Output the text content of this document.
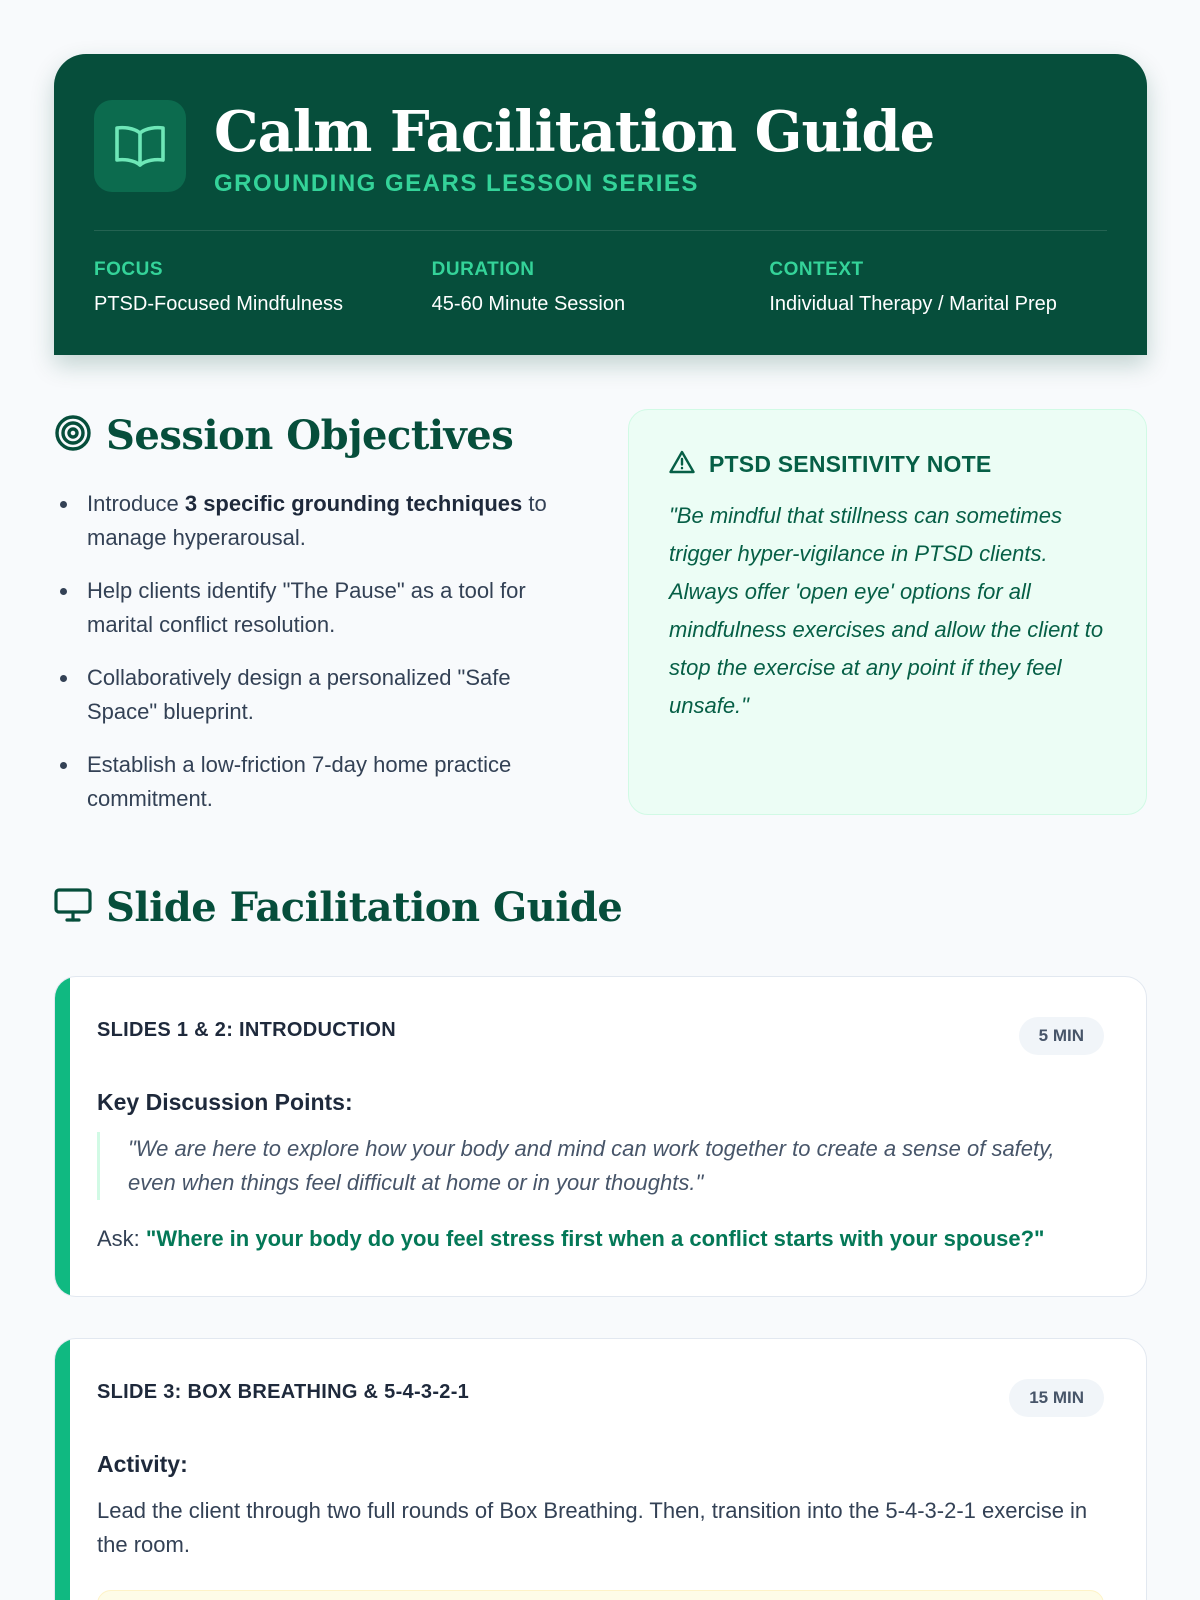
Calm Facilitation Guide
GROUNDING GEARS LESSON SERIES
FOCUS
PTSD-Focused Mindfulness
DURATION
45-60 Minute Session
CONTEXT
Individual Therapy / Marital Prep
Session Objectives
Introduce 3 specific grounding techniques to manage hyperarousal.
Help clients identify "The Pause" as a tool for marital conflict resolution.
Collaboratively design a personalized "Safe Space" blueprint.
Establish a low-friction 7-day home practice commitment.
PTSD SENSITIVITY NOTE
"Be mindful that stillness can sometimes trigger hyper-vigilance in PTSD clients. Always offer 'open eye' options for all mindfulness exercises and allow the client to stop the exercise at any point if they feel unsafe."
Slide Facilitation Guide
SLIDES 1 & 2: INTRODUCTION	5 MIN
Key Discussion Points:
"We are here to explore how your body and mind can work together to create a sense of safety, even when things feel difficult at home or in your thoughts."
Ask: "Where in your body do you feel stress first when a conflict starts with your spouse?"
SLIDE 3: BOX BREATHING & 5-4-3-2-1	15 MIN
Activity:
Lead the client through two full rounds of Box Breathing. Then, transition into the 5-4-3-2-1 exercise in the room.
